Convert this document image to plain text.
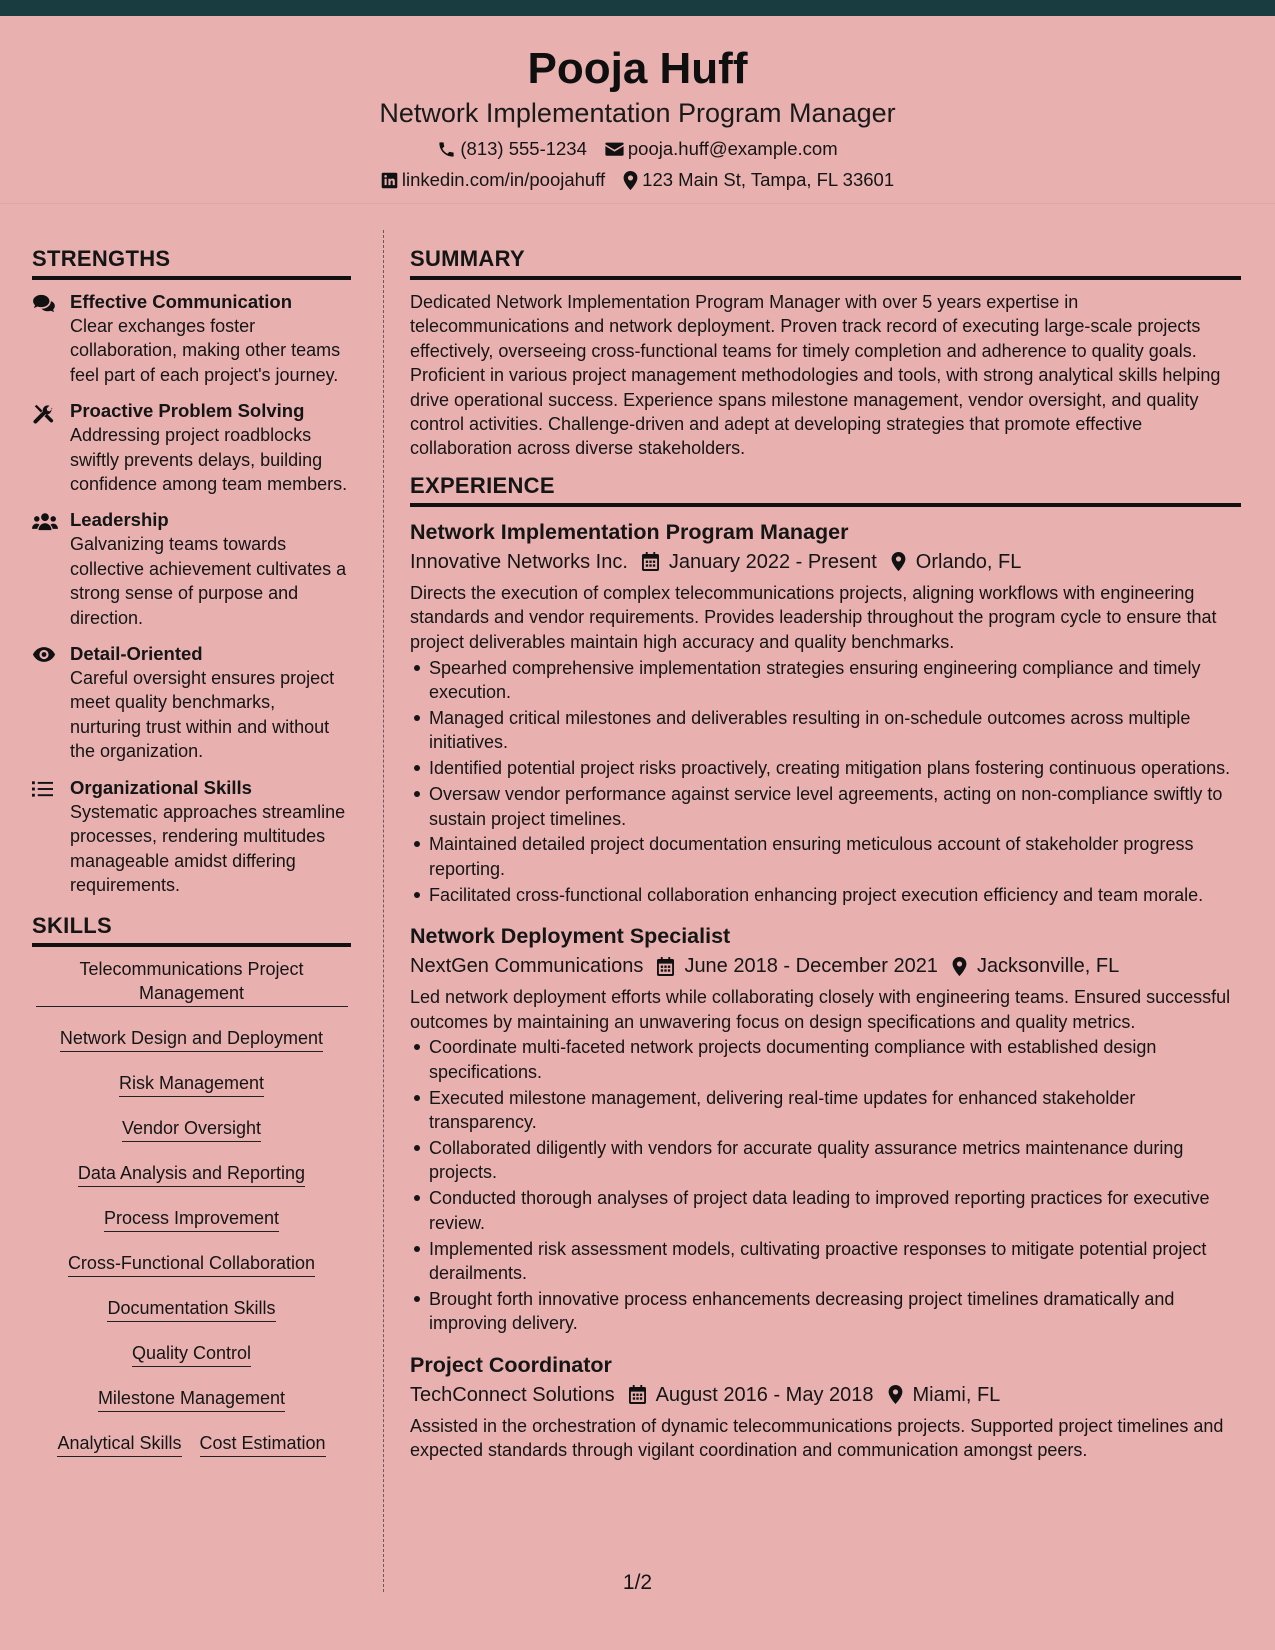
Pooja Huff
Network Implementation Program Manager
(813) 555-1234 pooja.huff@example.com
linkedin.com/in/poojahuff 123 Main St, Tampa, FL 33601
STRENGTHS
Effective Communication
Clear exchanges foster collaboration, making other teams feel part of each project's journey.
Proactive Problem Solving
Addressing project roadblocks swiftly prevents delays, building confidence among team members.
Leadership
Galvanizing teams towards collective achievement cultivates a strong sense of purpose and direction.
Detail-Oriented
Careful oversight ensures project meet quality benchmarks, nurturing trust within and without the organization.
Organizational Skills
Systematic approaches streamline processes, rendering multitudes manageable amidst differing requirements.
SKILLS
Telecommunications Project Management
Network Design and Deployment
Risk Management
Vendor Oversight
Data Analysis and Reporting
Process Improvement
Cross-Functional Collaboration
Documentation Skills
Quality Control
Milestone Management
Analytical Skills Cost Estimation
SUMMARY
Dedicated Network Implementation Program Manager with over 5 years expertise in telecommunications and network deployment. Proven track record of executing large-scale projects effectively, overseeing cross-functional teams for timely completion and adherence to quality goals. Proficient in various project management methodologies and tools, with strong analytical skills helping drive operational success. Experience spans milestone management, vendor oversight, and quality control activities. Challenge-driven and adept at developing strategies that promote effective collaboration across diverse stakeholders.
EXPERIENCE
Network Implementation Program Manager
Innovative Networks Inc. January 2022 - Present Orlando, FL
Directs the execution of complex telecommunications projects, aligning workflows with engineering standards and vendor requirements. Provides leadership throughout the program cycle to ensure that project deliverables maintain high accuracy and quality benchmarks.
Spearhed comprehensive implementation strategies ensuring engineering compliance and timely execution.
Managed critical milestones and deliverables resulting in on-schedule outcomes across multiple initiatives.
Identified potential project risks proactively, creating mitigation plans fostering continuous operations.
Oversaw vendor performance against service level agreements, acting on non-compliance swiftly to sustain project timelines.
Maintained detailed project documentation ensuring meticulous account of stakeholder progress reporting.
Facilitated cross-functional collaboration enhancing project execution efficiency and team morale.
Network Deployment Specialist
NextGen Communications June 2018 - December 2021 Jacksonville, FL
Led network deployment efforts while collaborating closely with engineering teams. Ensured successful outcomes by maintaining an unwavering focus on design specifications and quality metrics.
Coordinate multi-faceted network projects documenting compliance with established design specifications.
Executed milestone management, delivering real-time updates for enhanced stakeholder transparency.
Collaborated diligently with vendors for accurate quality assurance metrics maintenance during projects.
Conducted thorough analyses of project data leading to improved reporting practices for executive review.
Implemented risk assessment models, cultivating proactive responses to mitigate potential project derailments.
Brought forth innovative process enhancements decreasing project timelines dramatically and improving delivery.
Project Coordinator
TechConnect Solutions August 2016 - May 2018 Miami, FL
Assisted in the orchestration of dynamic telecommunications projects. Supported project timelines and expected standards through vigilant coordination and communication amongst peers.
1/2
